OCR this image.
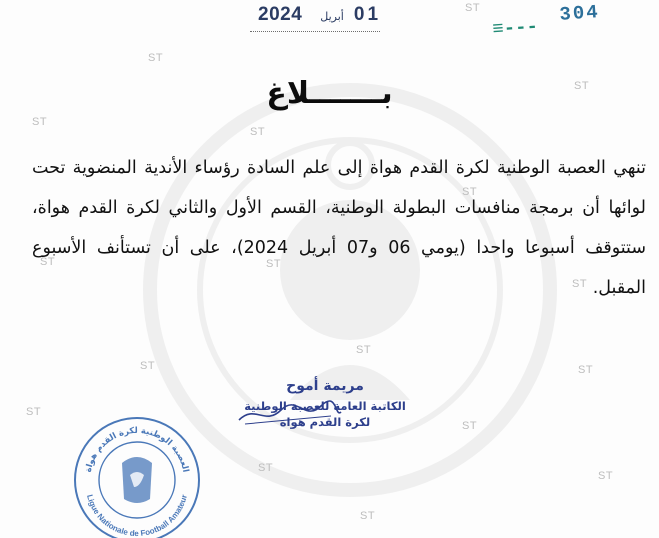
ST
ST
ST
ST
ST
ST
ST	ST
ST
ST
ST	ST
ST
ST
ST
ST
ST
2024 أبريل 01
≡---
304
بـــــــلاغ

تنهي العصبة الوطنية لكرة القدم هواة إلى علم السادة رؤساء الأندية المنضوية تحت لوائها أن برمجة منافسات البطولة الوطنية، القسم الأول والثاني لكرة القدم هواة، ستتوقف أسبوعا واحدا (يومي 06 و07 أبريل 2024)، على أن تستأنف الأسبوع المقبل.

مريمة أموح
الكاتبة العامة للعصبة الوطنية
لكرة القدم هواة
العصبة الوطنية لكرة القدم هواة
Ligue Nationale de Football Amateur
